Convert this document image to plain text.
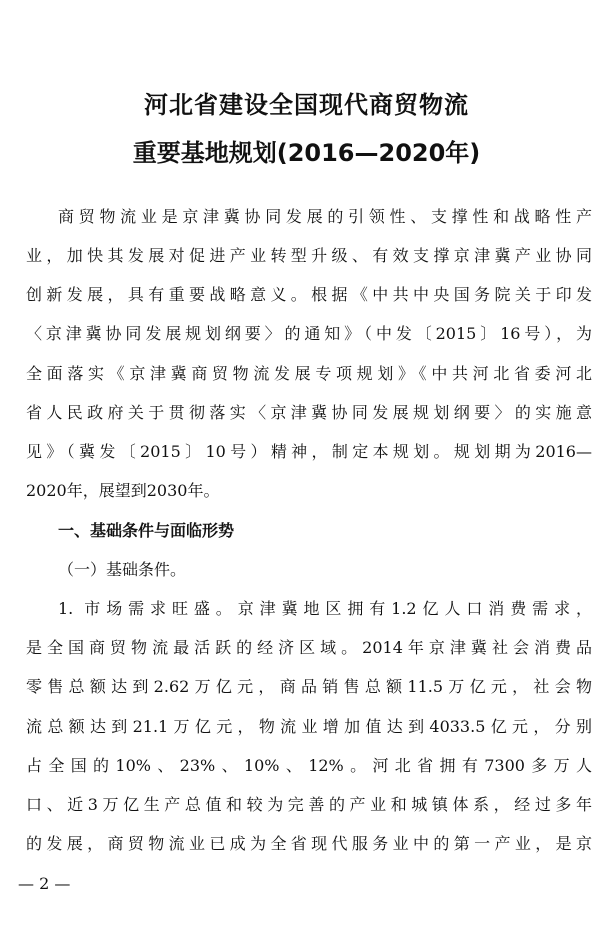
河北省建设全国现代商贸物流
重要基地规划(2016—2020年)
商贸物流业是京津冀协同发展的引领性、支撑性和战略性产
业，加快其发展对促进产业转型升级、有效支撑京津冀产业协同
创新发展，具有重要战略意义。根据《中共中央国务院关于印发
〈京津冀协同发展规划纲要〉的通知》（中发〔2015〕16号），为
全面落实《京津冀商贸物流发展专项规划》《中共河北省委河北
省人民政府关于贯彻落实〈京津冀协同发展规划纲要〉的实施意
见》（冀发〔2015〕10号）精神，制定本规划。规划期为2016—
2020年，展望到2030年。
一、基础条件与面临形势
（一）基础条件。
1. 市场需求旺盛。京津冀地区拥有1.2亿人口消费需求，
是全国商贸物流最活跃的经济区域。2014年京津冀社会消费品
零售总额达到2.62万亿元，商品销售总额11.5万亿元，社会物
流总额达到21.1万亿元，物流业增加值达到4033.5亿元，分别
占全国的10%、23%、10%、12%。河北省拥有7300多万人
口、近3万亿生产总值和较为完善的产业和城镇体系，经过多年
的发展，商贸物流业已成为全省现代服务业中的第一产业，是京
— 2 —
